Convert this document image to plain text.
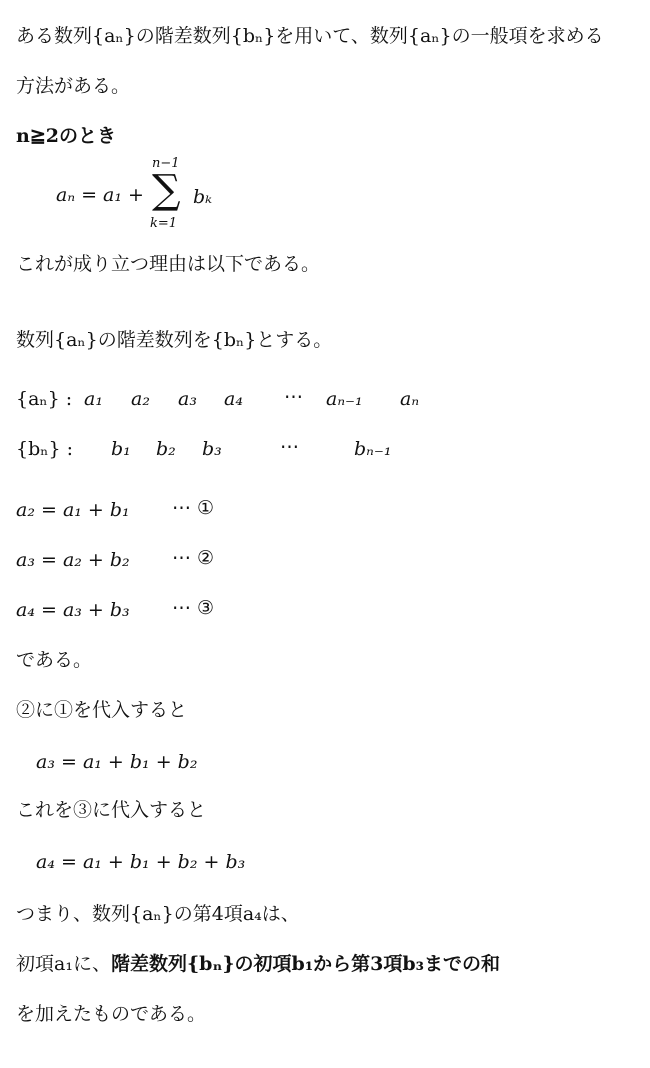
ある数列{aₙ}の階差数列{bₙ}を用いて、数列{aₙ}の一般項を求める
方法がある。
n≧2のとき
aₙ = a₁ +
n−1
∑
k=1
bₖ
これが成り立つ理由は以下である。
数列{aₙ}の階差数列を{bₙ}とする。
{aₙ} : a₁ a₂ a₃ a₄ ⋯ aₙ₋₁ aₙ
{bₙ} : b₁ b₂ b₃	⋯	bₙ₋₁
a₂ = a₁ + b₁ ⋯ ①
a₃ = a₂ + b₂ ⋯ ②
a₄ = a₃ + b₃ ⋯ ③
である。
②に①を代入すると
a₃ = a₁ + b₁ + b₂
これを③に代入すると
a₄ = a₁ + b₁ + b₂ + b₃
つまり、数列{aₙ}の第4項a₄は、
初項a₁に、階差数列{bₙ}の初項b₁から第3項b₃までの和
を加えたものである。
